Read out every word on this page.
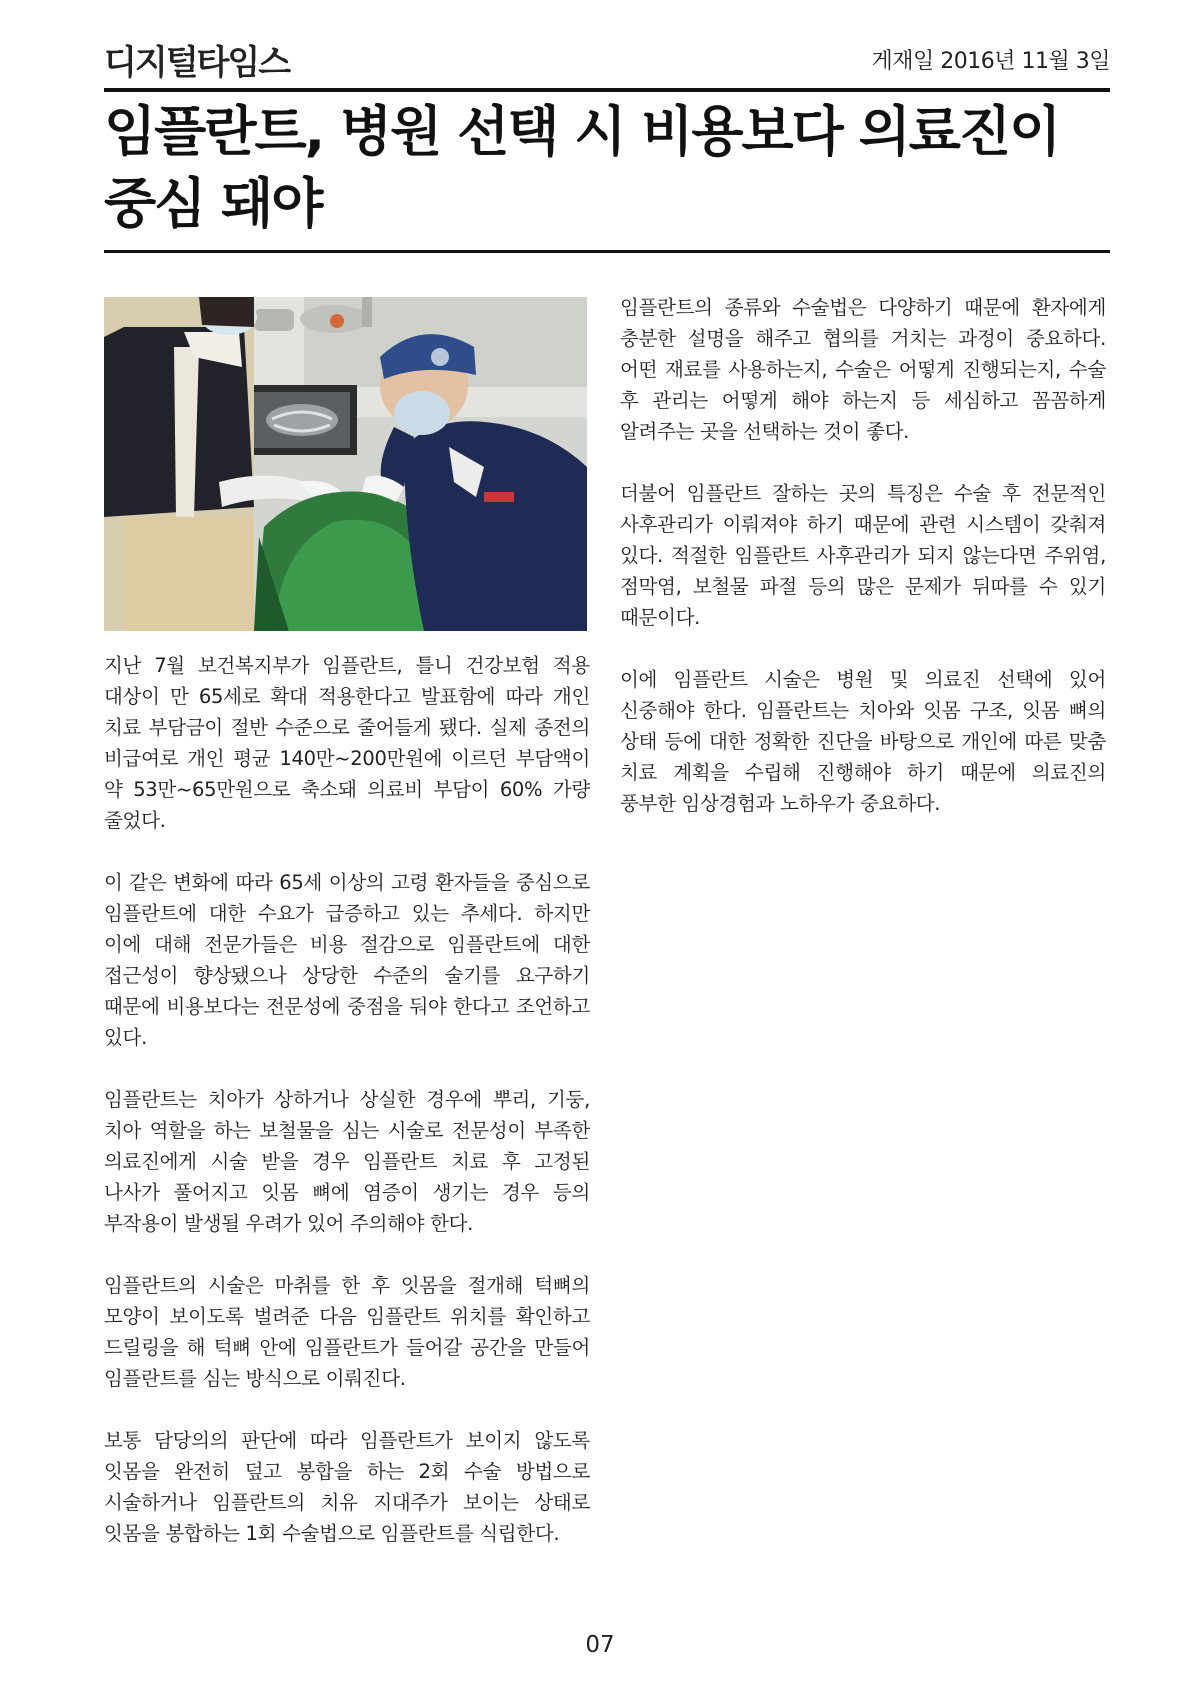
디지털타임스	게재일 2016년 11월 3일
임플란트, 병원 선택 시 비용보다 의료진이 중심 돼야

지난 7월 보건복지부가 임플란트, 틀니 건강보험 적용 대상이 만 65세로 확대 적용한다고 발표함에 따라 개인 치료 부담금이 절반 수준으로 줄어들게 됐다. 실제 종전의 비급여로 개인 평균 140만~200만원에 이르던 부담액이 약 53만~65만원으로 축소돼 의료비 부담이 60% 가량 줄었다.

이 같은 변화에 따라 65세 이상의 고령 환자들을 중심으로 임플란트에 대한 수요가 급증하고 있는 추세다. 하지만 이에 대해 전문가들은 비용 절감으로 임플란트에 대한 접근성이 향상됐으나 상당한 수준의 술기를 요구하기 때문에 비용보다는 전문성에 중점을 둬야 한다고 조언하고 있다.

임플란트는 치아가 상하거나 상실한 경우에 뿌리, 기둥, 치아 역할을 하는 보철물을 심는 시술로 전문성이 부족한 의료진에게 시술 받을 경우 임플란트 치료 후 고정된 나사가 풀어지고 잇몸 뼈에 염증이 생기는 경우 등의 부작용이 발생될 우려가 있어 주의해야 한다.

임플란트의 시술은 마취를 한 후 잇몸을 절개해 턱뼈의 모양이 보이도록 벌려준 다음 임플란트 위치를 확인하고 드릴링을 해 턱뼈 안에 임플란트가 들어갈 공간을 만들어 임플란트를 심는 방식으로 이뤄진다.

보통 담당의의 판단에 따라 임플란트가 보이지 않도록 잇몸을 완전히 덮고 봉합을 하는 2회 수술 방법으로 시술하거나 임플란트의 치유 지대주가 보이는 상태로 잇몸을 봉합하는 1회 수술법으로 임플란트를 식립한다.

임플란트의 종류와 수술법은 다양하기 때문에 환자에게 충분한 설명을 해주고 협의를 거치는 과정이 중요하다. 어떤 재료를 사용하는지, 수술은 어떻게 진행되는지, 수술 후 관리는 어떻게 해야 하는지 등 세심하고 꼼꼼하게 알려주는 곳을 선택하는 것이 좋다.

더불어 임플란트 잘하는 곳의 특징은 수술 후 전문적인 사후관리가 이뤄져야 하기 때문에 관련 시스템이 갖춰져 있다. 적절한 임플란트 사후관리가 되지 않는다면 주위염, 점막염, 보철물 파절 등의 많은 문제가 뒤따를 수 있기 때문이다.

이에 임플란트 시술은 병원 및 의료진 선택에 있어 신중해야 한다. 임플란트는 치아와 잇몸 구조, 잇몸 뼈의 상태 등에 대한 정확한 진단을 바탕으로 개인에 따른 맞춤 치료 계획을 수립해 진행해야 하기 때문에 의료진의 풍부한 임상경험과 노하우가 중요하다.

07
